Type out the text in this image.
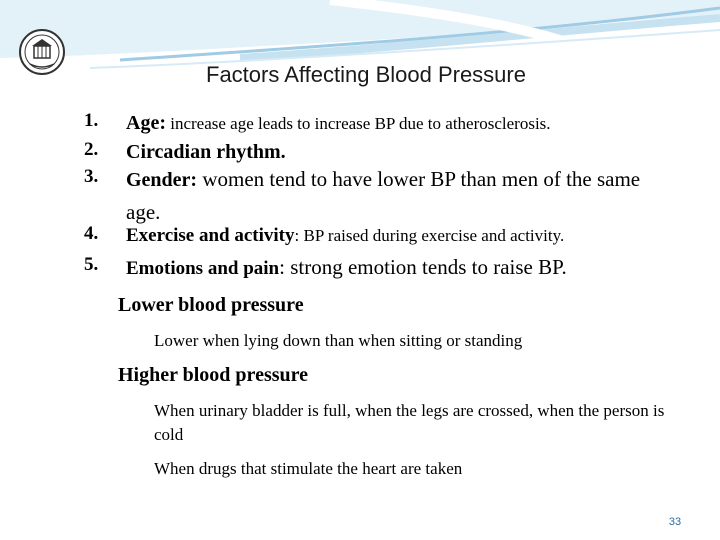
Factors Affecting Blood Pressure
1.	Age: increase age leads to increase BP due to atherosclerosis.
2.	Circadian rhythm.
3.	Gender: women tend to have lower BP than men of the same age.
4.	Exercise and activity: BP raised during exercise and activity.
5.	Emotions and pain: strong emotion tends to raise BP.
Lower blood pressure
Lower when lying down than when sitting or standing
Higher blood pressure
When urinary bladder is full, when the legs are crossed, when the person is cold
When drugs that stimulate the heart are taken
33
